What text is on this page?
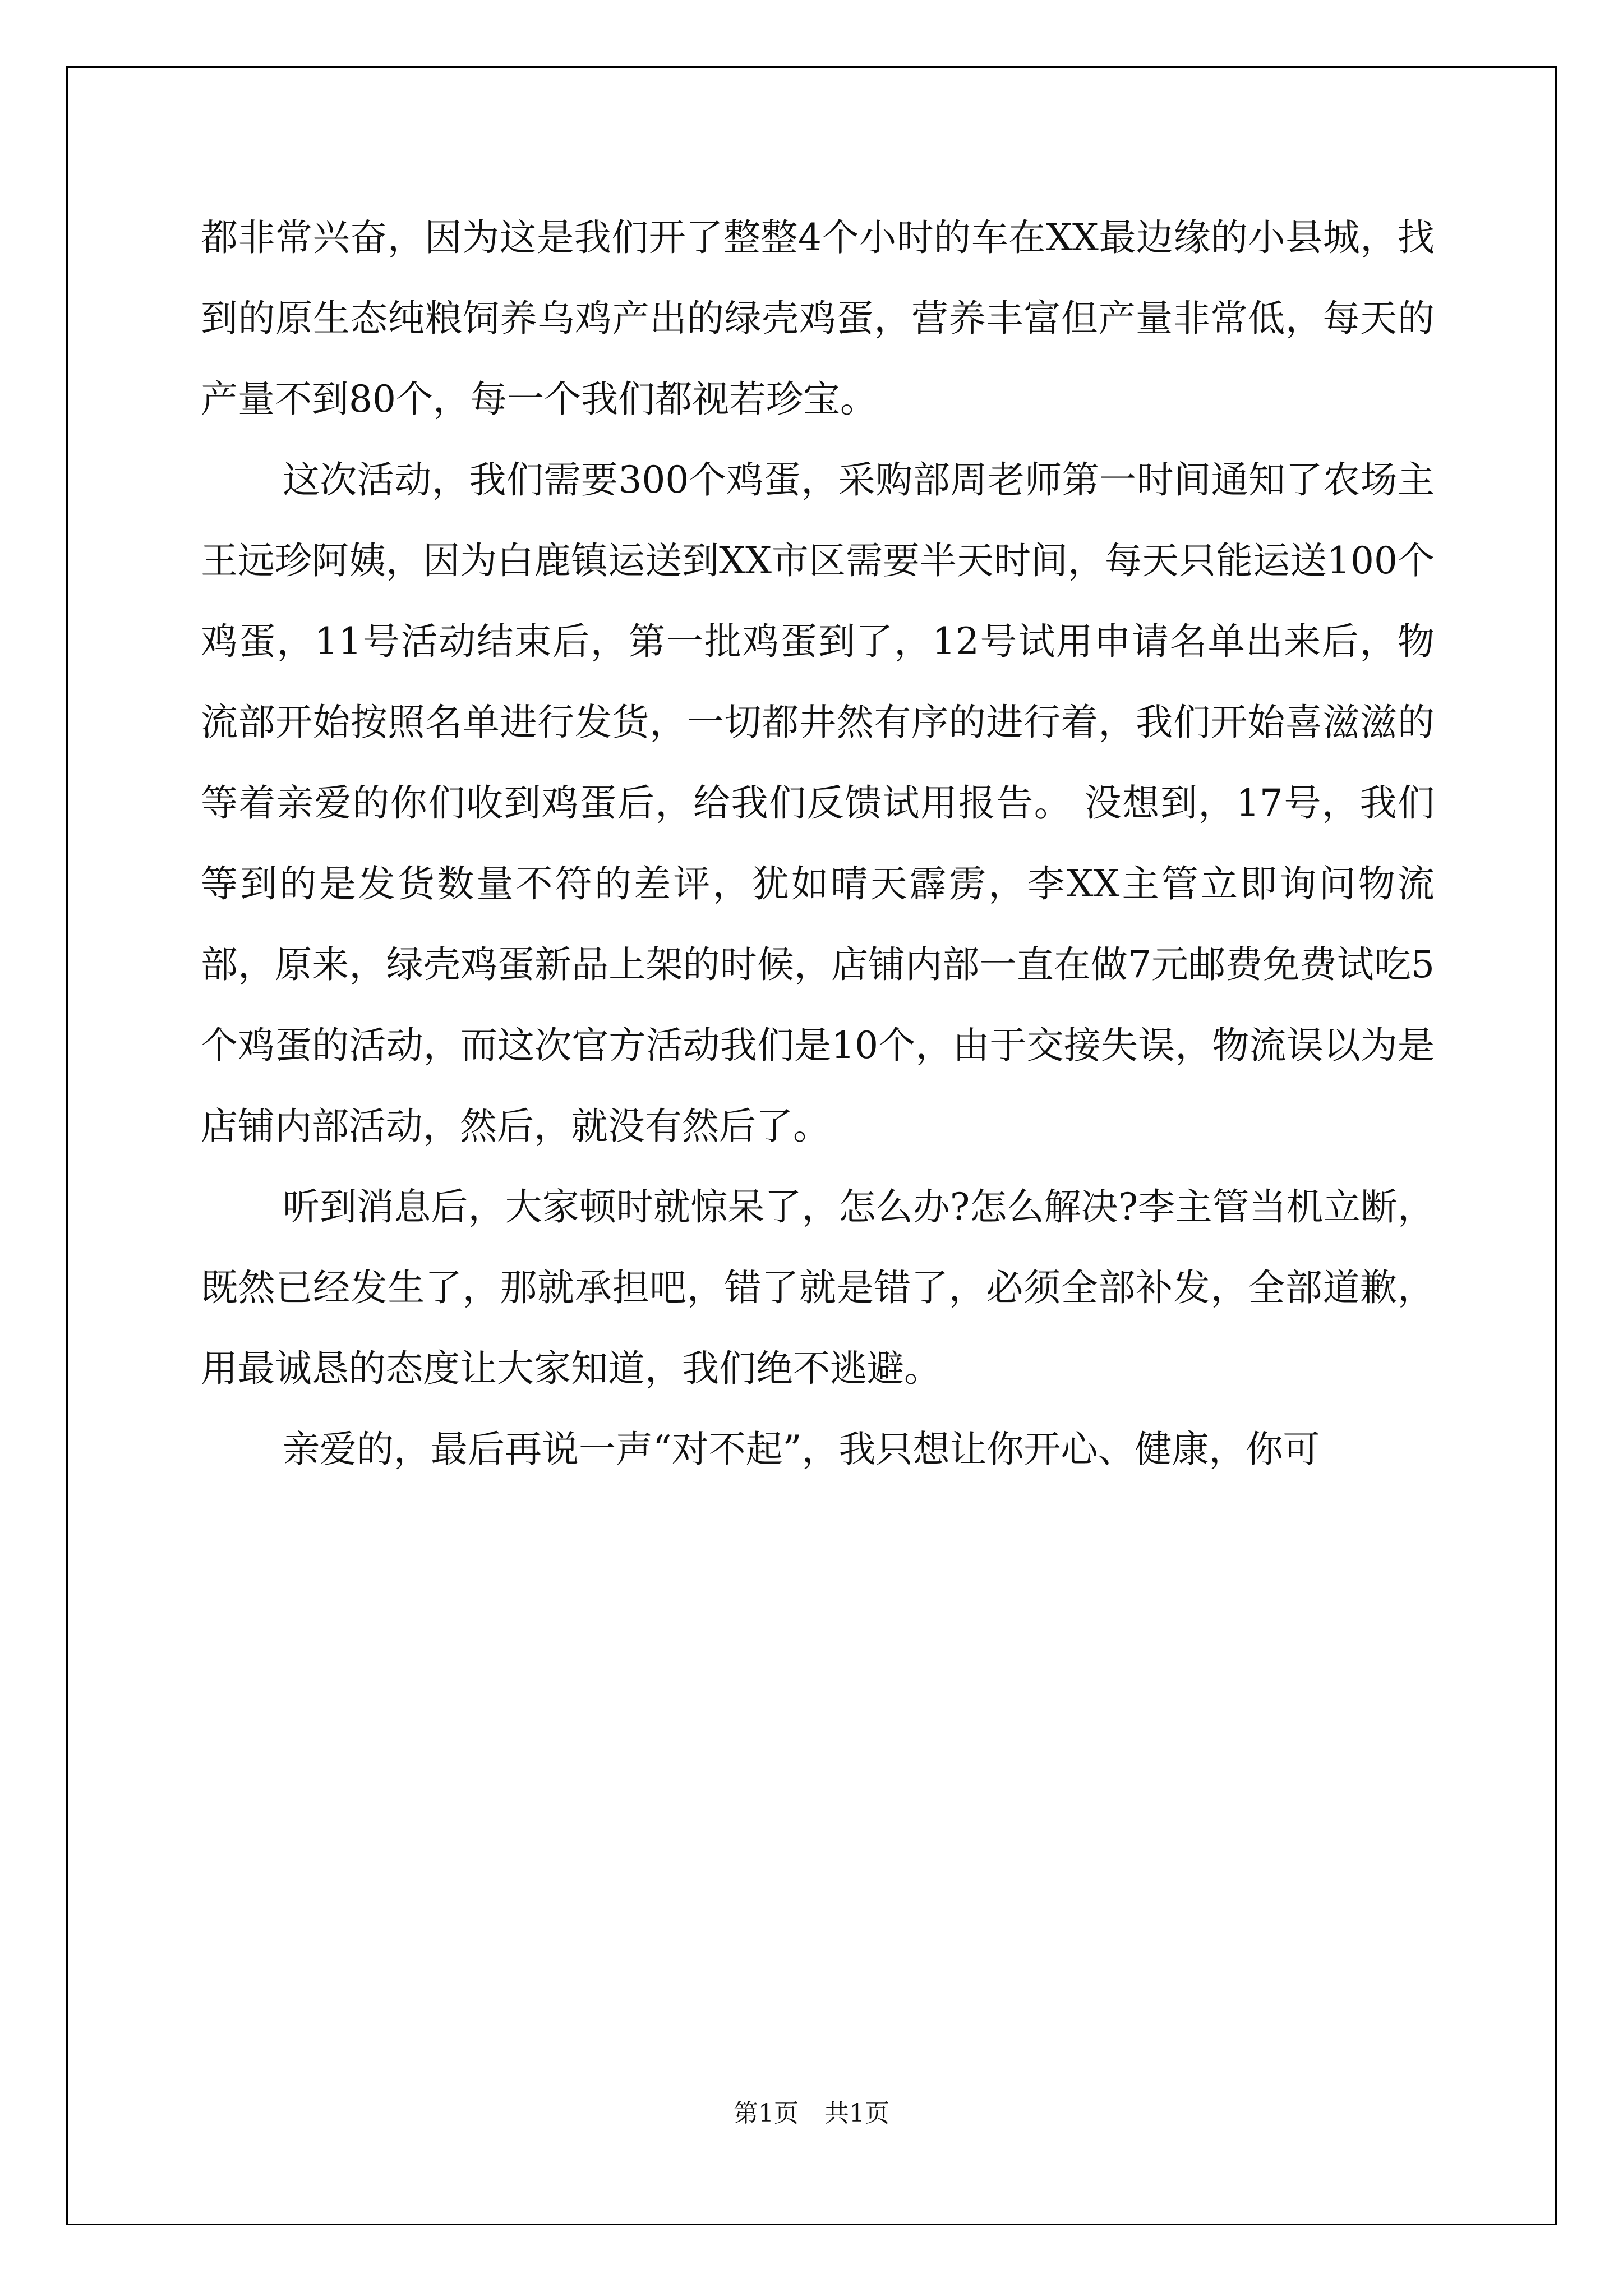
都非常兴奋，因为这是我们开了整整4个小时的车在XX最边缘的小县城，找到的原生态纯粮饲养乌鸡产出的绿壳鸡蛋，营养丰富但产量非常低，每天的产量不到80个，每一个我们都视若珍宝。

这次活动，我们需要300个鸡蛋，采购部周老师第一时间通知了农场主王远珍阿姨，因为白鹿镇运送到XX市区需要半天时间，每天只能运送100个鸡蛋，11号活动结束后，第一批鸡蛋到了，12号试用申请名单出来后，物流部开始按照名单进行发货，一切都井然有序的进行着，我们开始喜滋滋的等着亲爱的你们收到鸡蛋后，给我们反馈试用报告。 没想到，17号，我们等到的是发货数量不符的差评，犹如晴天霹雳，李XX主管立即询问物流部，原来，绿壳鸡蛋新品上架的时候，店铺内部一直在做7元邮费免费试吃5个鸡蛋的活动，而这次官方活动我们是10个，由于交接失误，物流误以为是店铺内部活动，然后，就没有然后了。

听到消息后，大家顿时就惊呆了，怎么办?怎么解决?李主管当机立断，既然已经发生了，那就承担吧，错了就是错了，必须全部补发，全部道歉，用最诚恳的态度让大家知道，我们绝不逃避。

亲爱的，最后再说一声“对不起”，我只想让你开心、健康，你可

第1页 共1页
